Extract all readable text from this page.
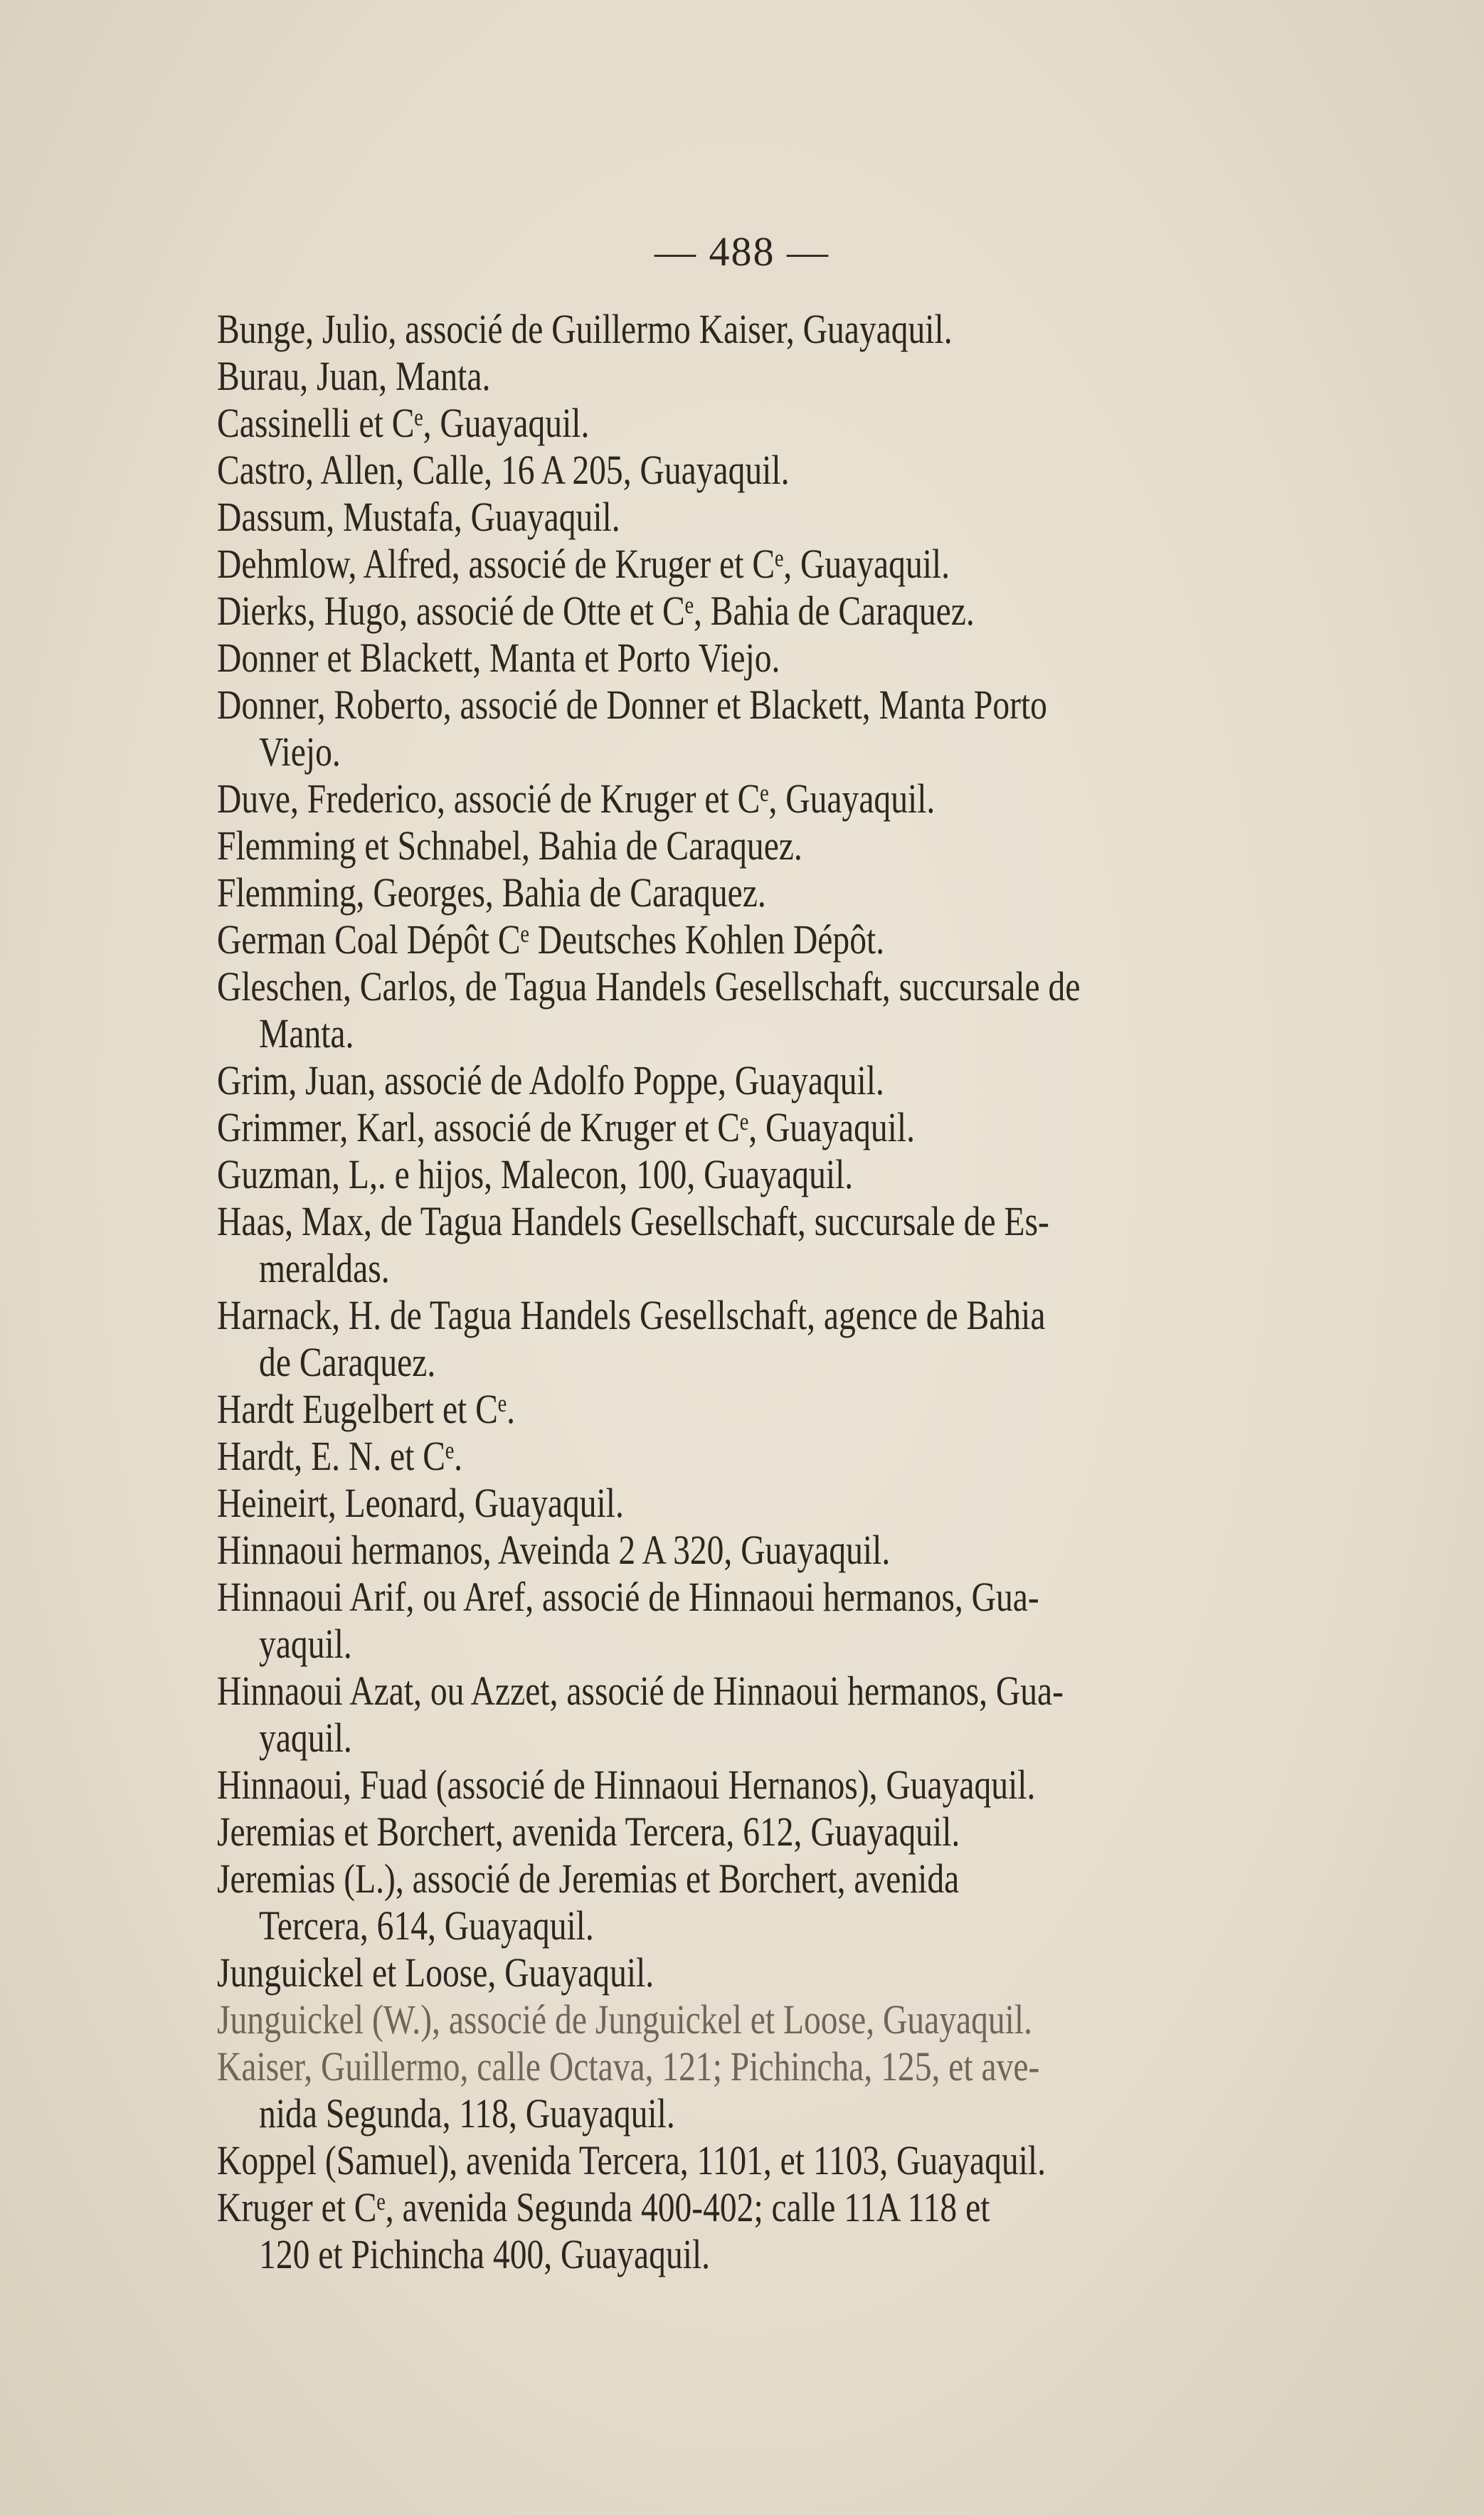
— 488 —

Bunge, Julio, associé de Guillermo Kaiser, Guayaquil.

Burau, Juan, Manta.

Cassinelli et Cᵉ, Guayaquil.

Castro, Allen, Calle, 16 A 205, Guayaquil.

Dassum, Mustafa, Guayaquil.

Dehmlow, Alfred, associé de Kruger et Cᵉ, Guayaquil.

Dierks, Hugo, associé de Otte et Cᵉ, Bahia de Caraquez.

Donner et Blackett, Manta et Porto Viejo.

Donner, Roberto, associé de Donner et Blackett, Manta Porto
Viejo.

Duve, Frederico, associé de Kruger et Cᵉ, Guayaquil.

Flemming et Schnabel, Bahia de Caraquez.

Flemming, Georges, Bahia de Caraquez.

German Coal Dépôt Cᵉ Deutsches Kohlen Dépôt.

Gleschen, Carlos, de Tagua Handels Gesellschaft, succursale de
Manta.

Grim, Juan, associé de Adolfo Poppe, Guayaquil.

Grimmer, Karl, associé de Kruger et Cᵉ, Guayaquil.

Guzman, L,. e hijos, Malecon, 100, Guayaquil.

Haas, Max, de Tagua Handels Gesellschaft, succursale de Es-
meraldas.

Harnack, H. de Tagua Handels Gesellschaft, agence de Bahia
de Caraquez.

Hardt Eugelbert et Cᵉ.

Hardt, E. N. et Cᵉ.

Heineirt, Leonard, Guayaquil.

Hinnaoui hermanos, Aveinda 2 A 320, Guayaquil.

Hinnaoui Arif, ou Aref, associé de Hinnaoui hermanos, Gua-
yaquil.

Hinnaoui Azat, ou Azzet, associé de Hinnaoui hermanos, Gua-
yaquil.

Hinnaoui, Fuad (associé de Hinnaoui Hernanos), Guayaquil.

Jeremias et Borchert, avenida Tercera, 612, Guayaquil.

Jeremias (L.), associé de Jeremias et Borchert, avenida
Tercera, 614, Guayaquil.

Junguickel et Loose, Guayaquil.

Junguickel (W.), associé de Junguickel et Loose, Guayaquil.

Kaiser, Guillermo, calle Octava, 121; Pichincha, 125, et ave-
nida Segunda, 118, Guayaquil.

Koppel (Samuel), avenida Tercera, 1101, et 1103, Guayaquil.

Kruger et Cᵉ, avenida Segunda 400-402; calle 11A 118 et
120 et Pichincha 400, Guayaquil.
